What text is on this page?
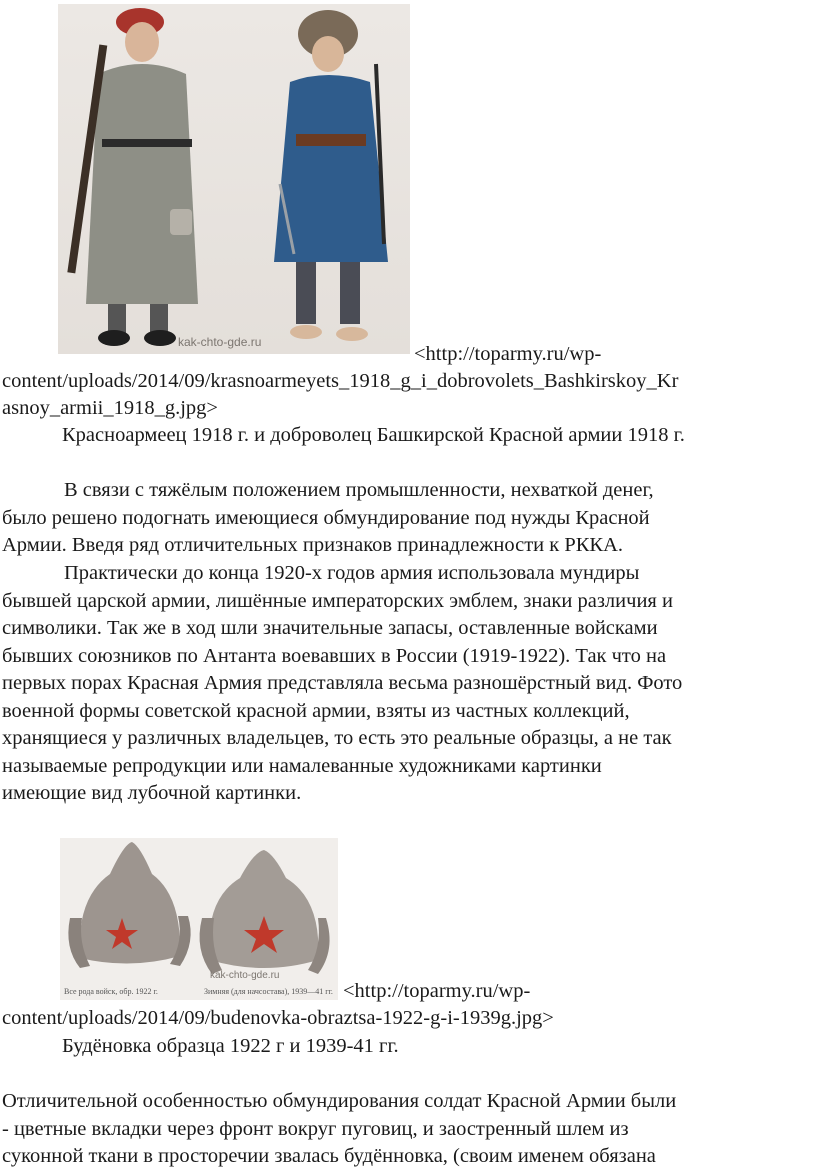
kak-chto-gde.ru
<http://toparmy.ru/wp-
content/uploads/2014/09/krasnoarmeyets_1918_g_i_dobrovolets_Bashkirskoy_Kr
asnoy_armii_1918_g.jpg>
Красноармеец 1918 г. и доброволец Башкирской Красной армии 1918 г.
В связи с тяжёлым положением промышленности, нехваткой денег,
было решено подогнать имеющиеся обмундирование под нужды Красной
Армии. Введя ряд отличительных признаков принадлежности к РККА.
Практически до конца 1920-х годов армия использовала мундиры
бывшей царской армии, лишённые императорских эмблем, знаки различия и
символики. Так же в ход шли значительные запасы, оставленные войсками
бывших союзников по Антанта воевавших в России (1919-1922). Так что на
первых порах Красная Армия представляла весьма разношёрстный вид. Фото
военной формы советской красной армии, взяты из частных коллекций,
хранящиеся у различных владельцев, то есть это реальные образцы, а не так
называемые репродукции или намалеванные художниками картинки
имеющие вид лубочной картинки.
kak-chto-gde.ru
Все рода войск, обр. 1922 г.	Зимняя (для начсостава), 1939—41 гг. <http://toparmy.ru/wp-
content/uploads/2014/09/budenovka-obraztsa-1922-g-i-1939g.jpg>
Будёновка образца 1922 г и 1939-41 гг.
Отличительной особенностью обмундирования солдат Красной Армии были
- цветные вкладки через фронт вокруг пуговиц, и заостренный шлем из
суконной ткани в просторечии звалась будённовка, (своим именем обязана
